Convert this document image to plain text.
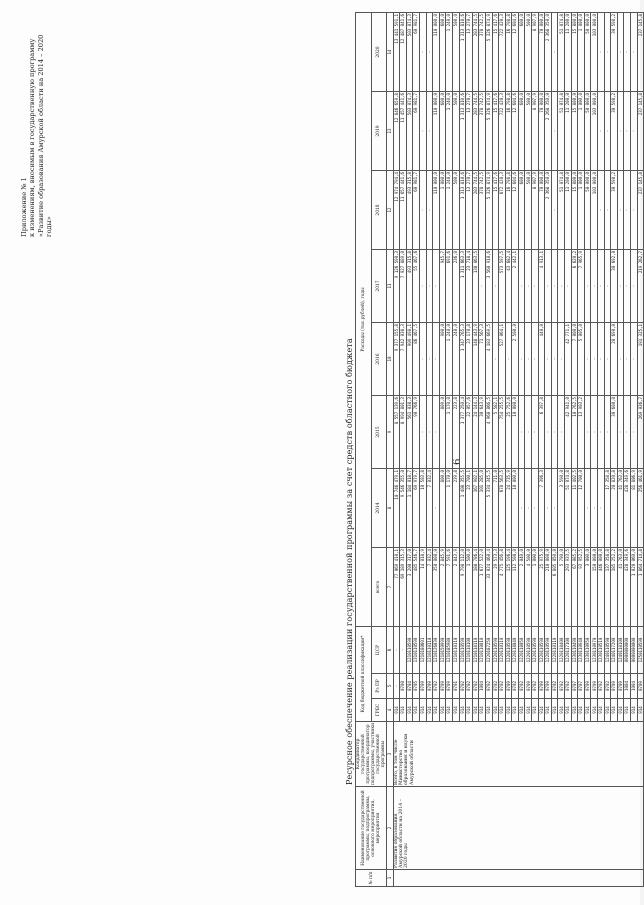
6
Приложение № 1 к изменениям, вносимым в государственную программу «Развитие образования Амурской области на 2014 – 2020 годы»
Ресурсное обеспечение реализации государственной программы за счет средств областного бюджета
№ п/п	Наименование государственной программы, подпрограммы, основного мероприятия, мероприятия	Координатор государственной программы, координатор подпрограммы, участники государственной программы	Код бюджетной классификации*			Расходы (тыс.рублей), годы							
			ГРБС	Рз ПР	ЦСР	всего	2014	2015	2016	2017	2018	2019	2020
1	2	3	4	5	6	7	8	9	10	11	12	13	14
	Развитие образования Амурской области на 2014 – 2020 годы	Всего, в том числе Министерство образования и науки Амурской области	914	-	-	77 069 410,1	10 746 479,1	8 557 139,6	9 377 155,8	9 126 590,3	12 974 794,4	12 846 659,8	13 441 591,1
			914	0700	-	69 189 315,3	9 546 355,0	8 994 801,3	7 942 038,3	7 927 889,0	11 657 441,6	11 457 441,6	12 487 041,6
			914	0704	1210110590	3 200 317,0	1 184 018,7	561 038,3	909 498,1	493 315,8	493 315,8	503 074,3	503 074,3
			914	0705	1310110590	485 546,7	69 979,7	90 766,9	86 467,5	55 467,6	60 981,7	60 981,7	60 981,7
			914	0709	1210180601	14 018,9	10 503,8	-	-	-	-	-	-
			914	0709	1210110110	7 032,4	7 032,4	-	-	-	-	-	-
			914	0702	1210126030	350 000,0	-	-	-	-	110 000,0	110 000,0	110 000,0
			914	0709	1210150990	2 845,9	800,0	809,0	900,0	945,7	1 000,0	600,0	600,0
			914	0709	1210185980	7 591,6	1 170,0	1 170,0	1 240,0	691,6	1 240,0	1 240,0	1 240,0
			914	0701	1210110110	2 843,9	239,8	223,8	240,0	236,0	500,0	500,0	500,0
			914	0702	1210110590	9 798 112,0	1 408 355,5	1 377 250,4	1 347 765,3	1 311 663,3	1 313 810,6	1 313 810,6	1 313 810,6
			914	0702	1210118100	1 500,0	23 700,1	22 057,6	23 170,8	23 718,4	13 270,7	13 270,7	13 270,7
			914	0702	1210118110	188 786,4	167 902,1	24 144,3	148 443,9	138 863,5	283 744,5	283 744,5	283 744,5
			914	1004	1210110010	1 677 522,0	101 285,0	30 643,9	71 567,3	-	378 742,5	378 742,5	378 742,5
			914	0702	1220187250	33 024 460,4	5 334 345,5	4 960 866,5	4 183 669,5	3 560 910,6	5 326 874,9	5 326 874,9	5 326 874,9
			914	0702	1220110590	29 573,3	711,0	5 582,1	-	-	15 417,6	15 417,6	15 417,6
			914	0702	1220110110	4 775 456,8	678 563,5	754 255,5	527 064,1	573 597,5	672 420,3	722 420,3	722 420,3
			914	0709	1220110590	125 196,4	24 735,9	25 752,6	-	43 682,4	16 798,8	16 798,8	16 798,8
			914	0702	1220118040	112 500,0	10 000,0	10 000,0	2 500,0	2 442,1	12 604,6	12 604,6	12 604,6
			914	0702	1220118050	2 040,0	-	-	-	-	600,0	600,0	600,0
			914	0709	1220110590	4 500,0	-	-	-	-	500,0	500,0	500,0
			914	0702	1220110590	1 000,0	-	-	-	-	8 907,9	8 907,9	8 907,9
			914	0709	1220110590	25 975,9	7 396,3	6 397,8	440,0	4 913,1	70 000,0	70 000,0	70 000,0
			914	0709	1220110590	210 000,0	-	-	-	-	2 368 350,0	2 268 350,0	2 368 350,0
			914	0702	1220110110	6 805 050,0	-	-	-	-	-	-	-
			914	0702	1220118400	5 790,0	3 590,0	-	-	-	51 074,8	51 074,8	51 074,8
			914	0702	1220117100	293 933,5	51 074,8	42 941,0	42 771,1	-	11 200,0	11 200,0	11 200,0
			914	0707	1230110490	67 085,2	11 402,5	10 762,5	7 000,0	6 620,2	15 800,0	15 800,0	15 800,0
			914	0707	1230110940	93 952,5	12 700,0	13 903,2	5 005,0	7 965,9	1 000,0	1 000,0	1 000,0
			914	0709	1230110950	3 000,0	-	-	-	-	50 000,0	50 000,0	50 000,0
			914	0709	1230110970	150 000,0	-	-	-	-	103 000,0	103 000,0	103 000,0
			914	0702	1230110510	446 000,0	-	-	-	-	-	-	-
			914	0702	1240110590	137 358,8	17 358,8	-	-	-	-	-	-
			914	0709	1240117200	185 252,2	20 820,8	30 600,0	28 690,0	30 692,0	30 598,2	30 598,2	30 598,2
			914	0709	1240118100	41 763,0	41 763,0	-	-	-	-	-	-
			914	1004	0000000000	428 349,6	428 349,6	-	-	-	-	-	-
			914	1004	0000000000	1 020 060,0	81 806,9	-	-	-	-	-	-
			914	0709	1250110590	1 864 714,8	256 461,9	269 036,7	191 325,1	219 262,7	237 145,8	237 145,8	237 145,8
